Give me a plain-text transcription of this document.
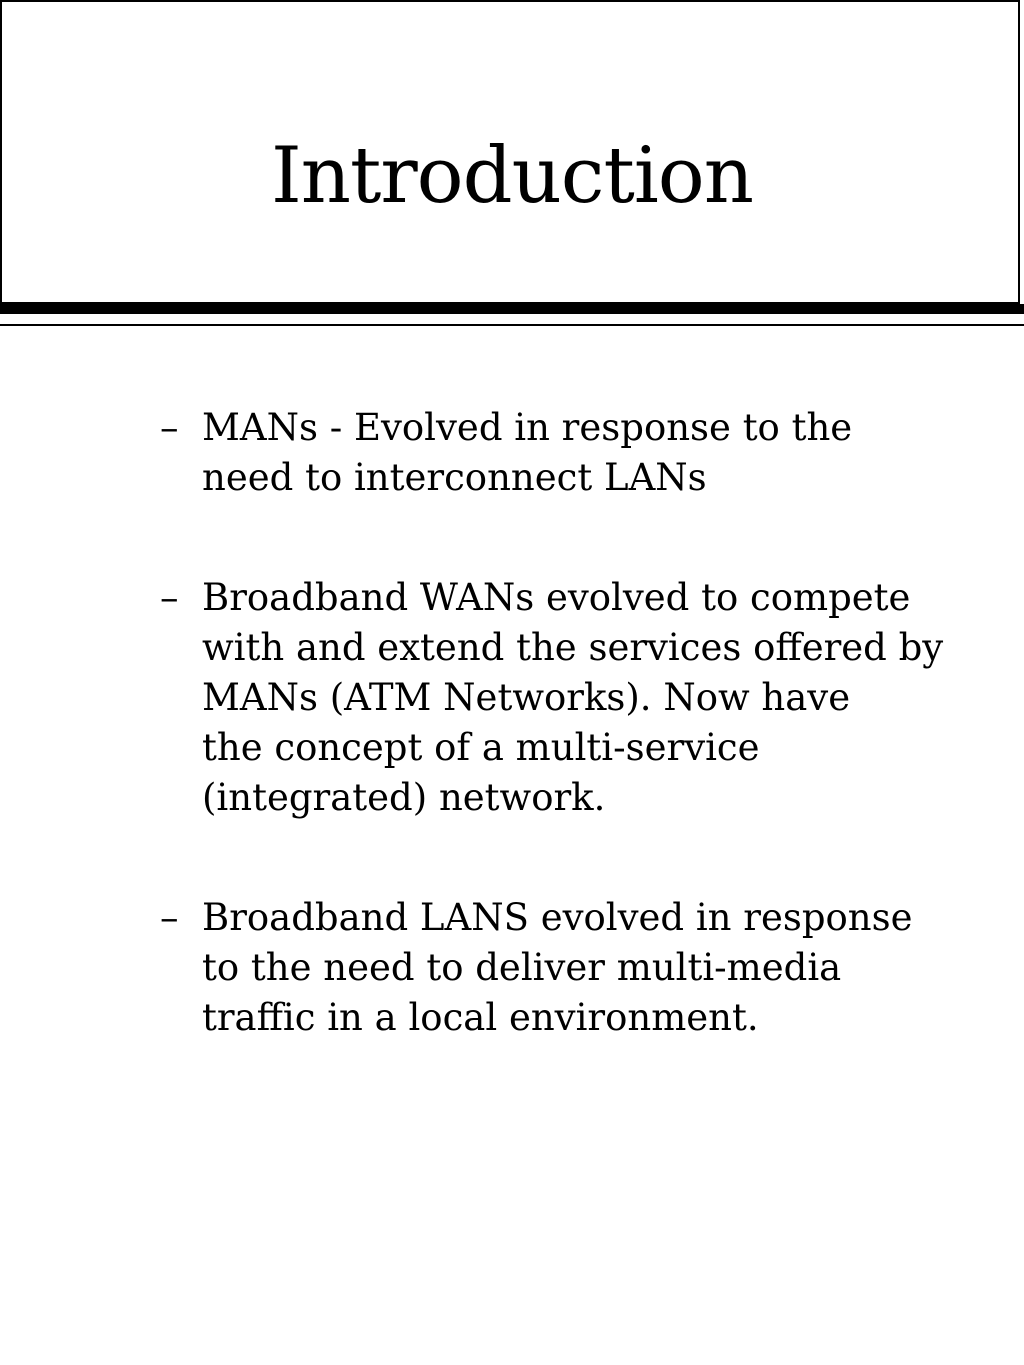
Introduction
– MANs - Evolved in response to the
need to interconnect LANs
– Broadband WANs evolved to compete
with and extend the services offered by
MANs (ATM Networks). Now have
the concept of a multi-service
(integrated) network.
– Broadband LANS evolved in response
to the need to deliver multi-media
traffic in a local environment.
